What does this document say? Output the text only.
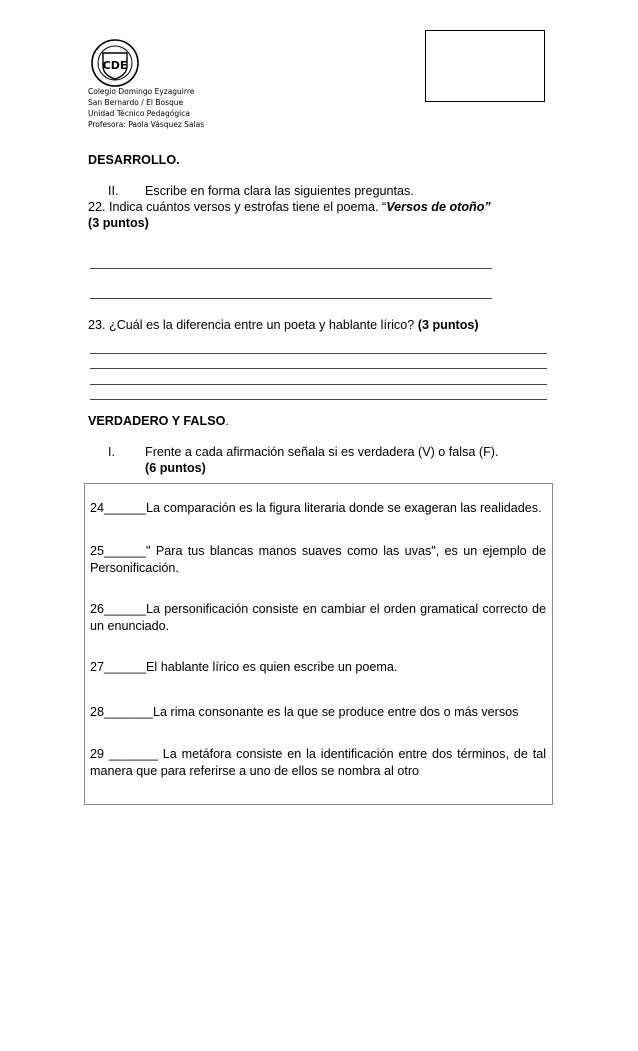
CDE
Colegio Domingo Eyzaguirre
San Bernardo / El Bosque
Unidad Técnico Pedagógica
Profesora: Paola Vásquez Salas
DESARROLLO.
II. Escribe en forma clara las siguientes preguntas.
22. Indica cuántos versos y estrofas tiene el poema. “Versos de otoño”
(3 puntos)
23. ¿Cuál es la diferencia entre un poeta y hablante lírico? (3 puntos)
VERDADERO Y FALSO.
I. Frente a cada afirmación señala si es verdadera (V) o falsa (F).
(6 puntos)
24______La comparación es la figura literaria donde se exageran las realidades.
25______" Para tus blancas manos suaves como las uvas", es un ejemplo de Personificación.
26______La personificación consiste en cambiar el orden gramatical correcto de un enunciado.
27______El hablante lírico es quien escribe un poema.
28_______La rima consonante es la que se produce entre dos o más versos
29 _______ La metáfora consiste en la identificación entre dos términos, de tal manera que para referirse a uno de ellos se nombra al otro
